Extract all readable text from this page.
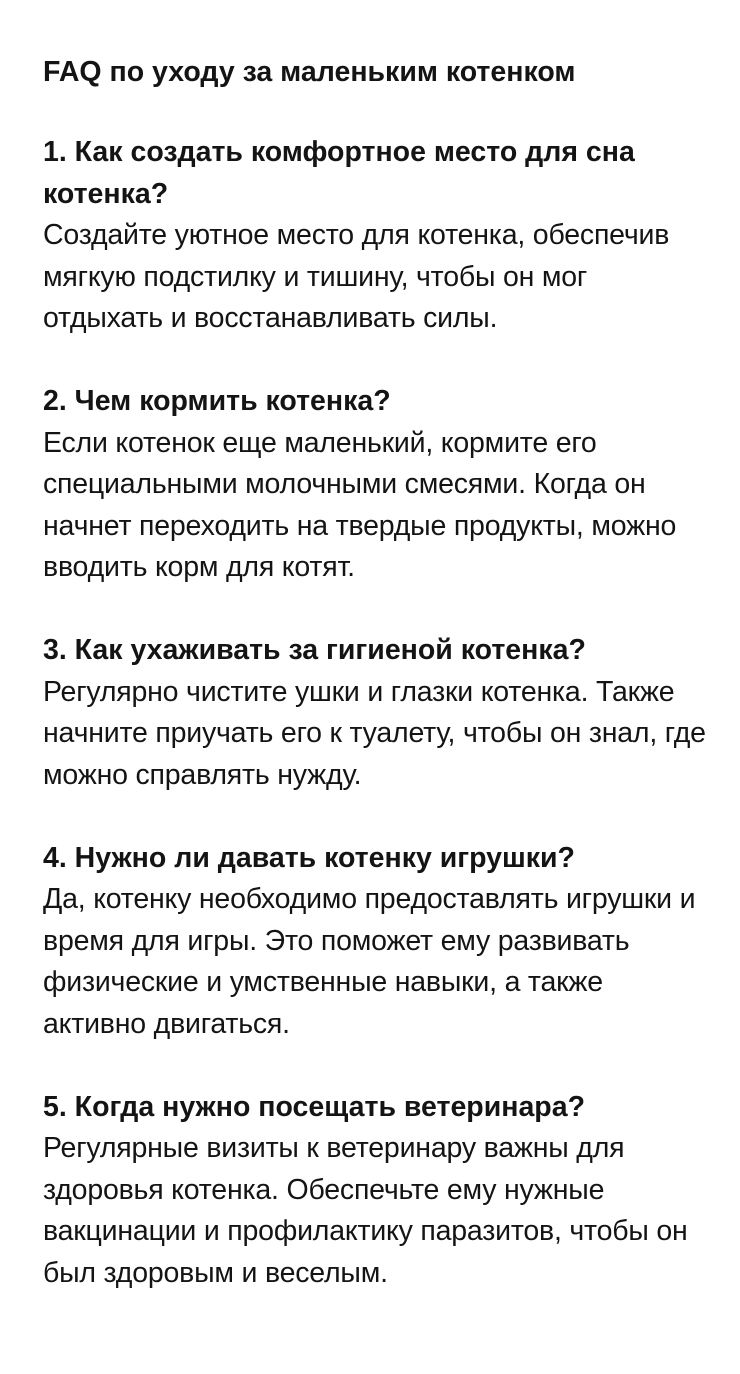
FAQ по уходу за маленьким котенком

1. Как создать комфортное место для сна котенка?

Создайте уютное место для котенка, обеспечив мягкую подстилку и тишину, чтобы он мог отдыхать и восстанавливать силы.

2. Чем кормить котенка?

Если котенок еще маленький, кормите его специальными молочными смесями. Когда он начнет переходить на твердые продукты, можно вводить корм для котят.

3. Как ухаживать за гигиеной котенка?

Регулярно чистите ушки и глазки котенка. Также начните приучать его к туалету, чтобы он знал, где можно справлять нужду.

4. Нужно ли давать котенку игрушки?

Да, котенку необходимо предоставлять игрушки и время для игры. Это поможет ему развивать физические и умственные навыки, а также активно двигаться.

5. Когда нужно посещать ветеринара?

Регулярные визиты к ветеринару важны для здоровья котенка. Обеспечьте ему нужные вакцинации и профилактику паразитов, чтобы он был здоровым и веселым.
